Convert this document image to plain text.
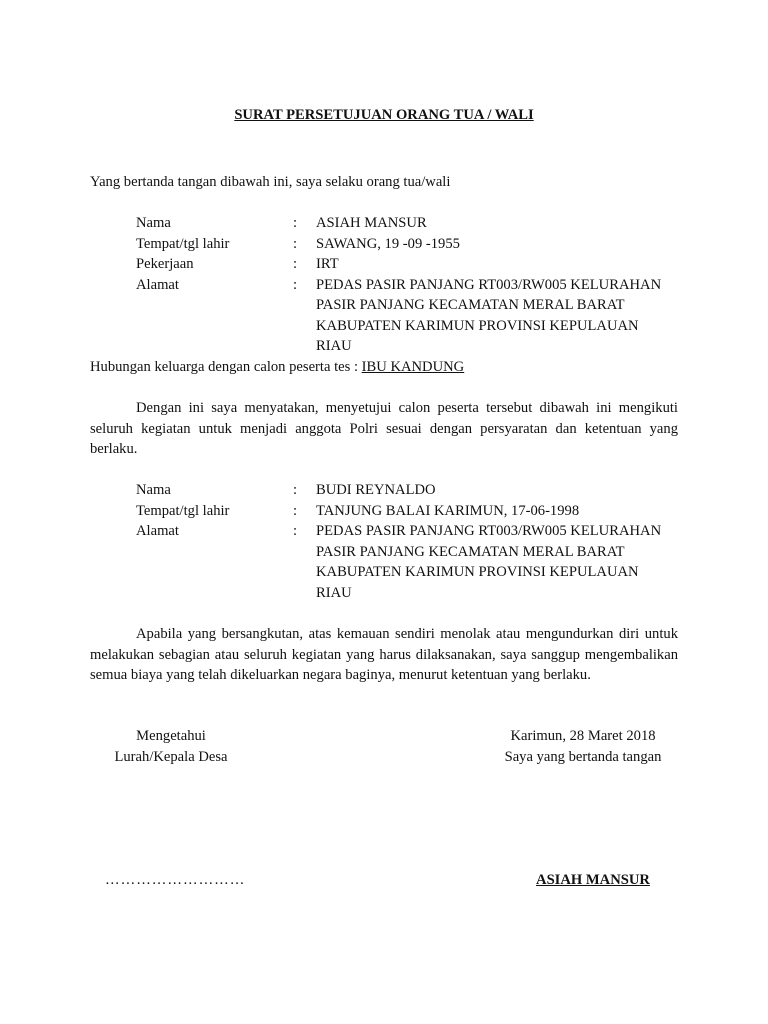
SURAT PERSETUJUAN ORANG TUA / WALI
Yang bertanda tangan dibawah ini, saya selaku orang tua/wali
Nama	: ASIAH MANSUR
Tempat/tgl lahir	: SAWANG, 19 -09 -1955
Pekerjaan	: IRT
Alamat	: PEDAS PASIR PANJANG RT003/RW005 KELURAHAN
PASIR PANJANG KECAMATAN MERAL BARAT
KABUPATEN KARIMUN PROVINSI KEPULAUAN
RIAU
Hubungan keluarga dengan calon peserta tes : IBU KANDUNG
Dengan ini saya menyatakan, menyetujui calon peserta tersebut dibawah ini mengikuti seluruh kegiatan untuk menjadi anggota Polri sesuai dengan persyaratan dan ketentuan yang berlaku.
Nama	: BUDI REYNALDO
Tempat/tgl lahir	: TANJUNG BALAI KARIMUN, 17-06-1998
Alamat	: PEDAS PASIR PANJANG RT003/RW005 KELURAHAN
PASIR PANJANG KECAMATAN MERAL BARAT
KABUPATEN KARIMUN PROVINSI KEPULAUAN
RIAU
Apabila yang bersangkutan, atas kemauan sendiri menolak atau mengundurkan diri untuk melakukan sebagian atau seluruh kegiatan yang harus dilaksanakan, saya sanggup mengembalikan semua biaya yang telah dikeluarkan negara baginya, menurut ketentuan yang berlaku.
Mengetahui
Lurah/Kepala Desa
………………………
Karimun, 28 Maret 2018
Saya yang bertanda tangan
ASIAH MANSUR
